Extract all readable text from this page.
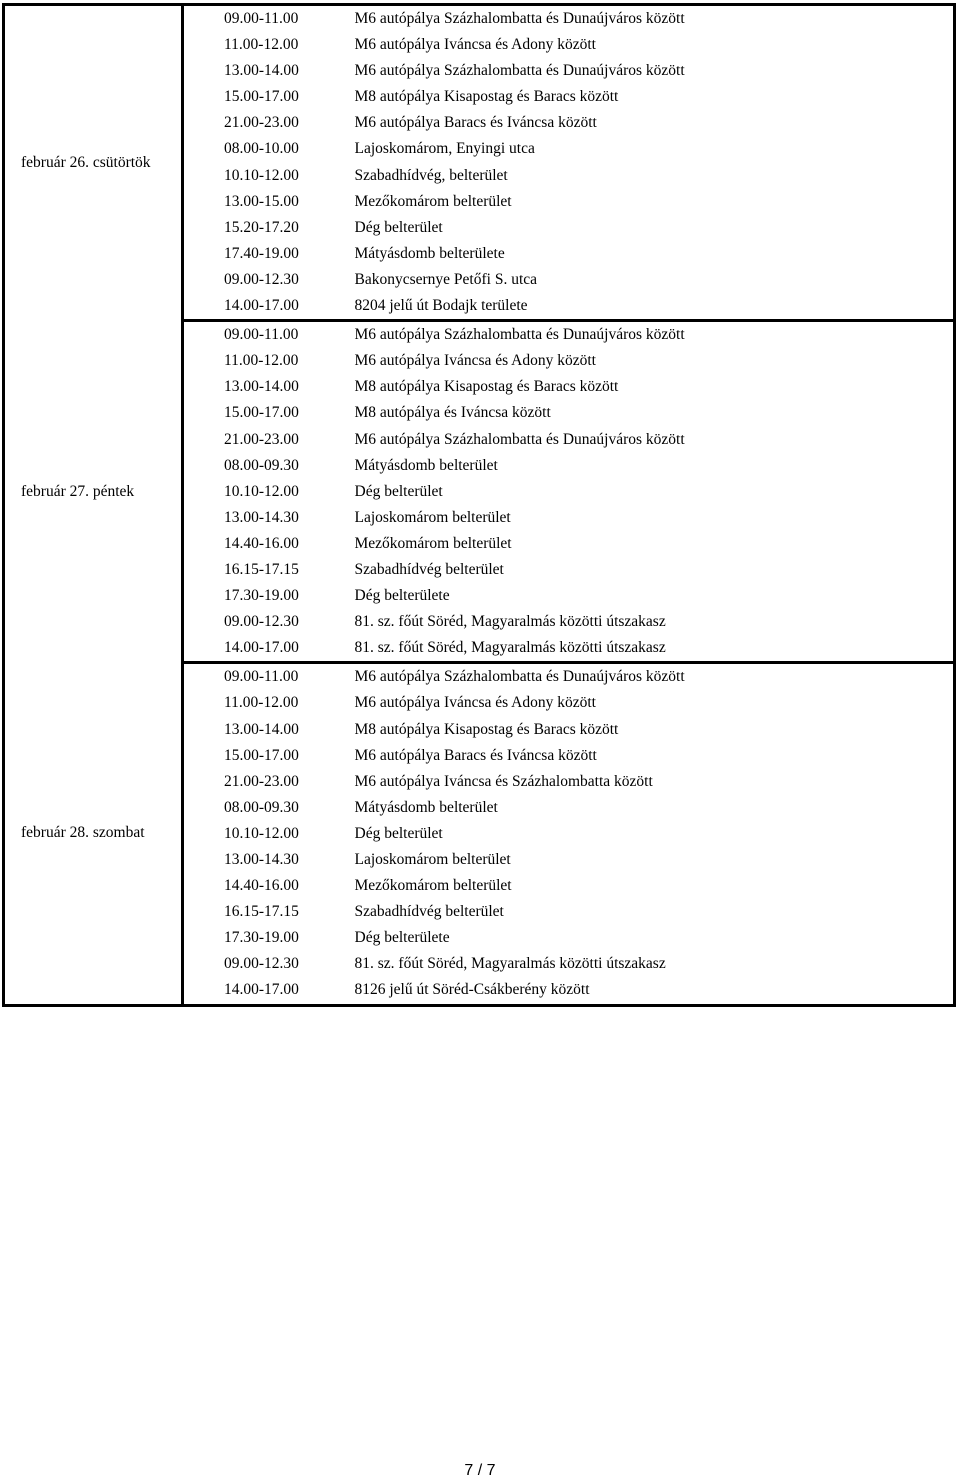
február 26. csütörtök	09.00-11.00	M6 autópálya Százhalombatta és Dunaújváros között
	11.00-12.00	M6 autópálya Iváncsa és Adony között
	13.00-14.00	M6 autópálya Százhalombatta és Dunaújváros között
	15.00-17.00	M8 autópálya Kisapostag és Baracs között
	21.00-23.00	M6 autópálya Baracs és Iváncsa között
	08.00-10.00	Lajoskomárom, Enyingi utca
	10.10-12.00	Szabadhídvég, belterület
	13.00-15.00	Mezőkomárom belterület
	15.20-17.20	Dég belterület
	17.40-19.00	Mátyásdomb belterülete
	09.00-12.30	Bakonycsernye Petőfi S. utca
	14.00-17.00	8204 jelű út Bodajk területe
február 27. péntek	09.00-11.00	M6 autópálya Százhalombatta és Dunaújváros között
	11.00-12.00	M6 autópálya Iváncsa és Adony között
	13.00-14.00	M8 autópálya Kisapostag és Baracs között
	15.00-17.00	M8 autópálya és Iváncsa között
	21.00-23.00	M6 autópálya Százhalombatta és Dunaújváros között
	08.00-09.30	Mátyásdomb belterület
	10.10-12.00	Dég belterület
	13.00-14.30	Lajoskomárom belterület
	14.40-16.00	Mezőkomárom belterület
	16.15-17.15	Szabadhídvég belterület
	17.30-19.00	Dég belterülete
	09.00-12.30	81. sz. főút Söréd, Magyaralmás közötti útszakasz
	14.00-17.00	81. sz. főút Söréd, Magyaralmás közötti útszakasz
február 28. szombat	09.00-11.00	M6 autópálya Százhalombatta és Dunaújváros között
	11.00-12.00	M6 autópálya Iváncsa és Adony között
	13.00-14.00	M8 autópálya Kisapostag és Baracs között
	15.00-17.00	M6 autópálya Baracs és Iváncsa között
	21.00-23.00	M6 autópálya Iváncsa és Százhalombatta között
	08.00-09.30	Mátyásdomb belterület
	10.10-12.00	Dég belterület
	13.00-14.30	Lajoskomárom belterület
	14.40-16.00	Mezőkomárom belterület
	16.15-17.15	Szabadhídvég belterület
	17.30-19.00	Dég belterülete
	09.00-12.30	81. sz. főút Söréd, Magyaralmás közötti útszakasz
	14.00-17.00	8126 jelű út Söréd-Csákberény között
7 / 7
